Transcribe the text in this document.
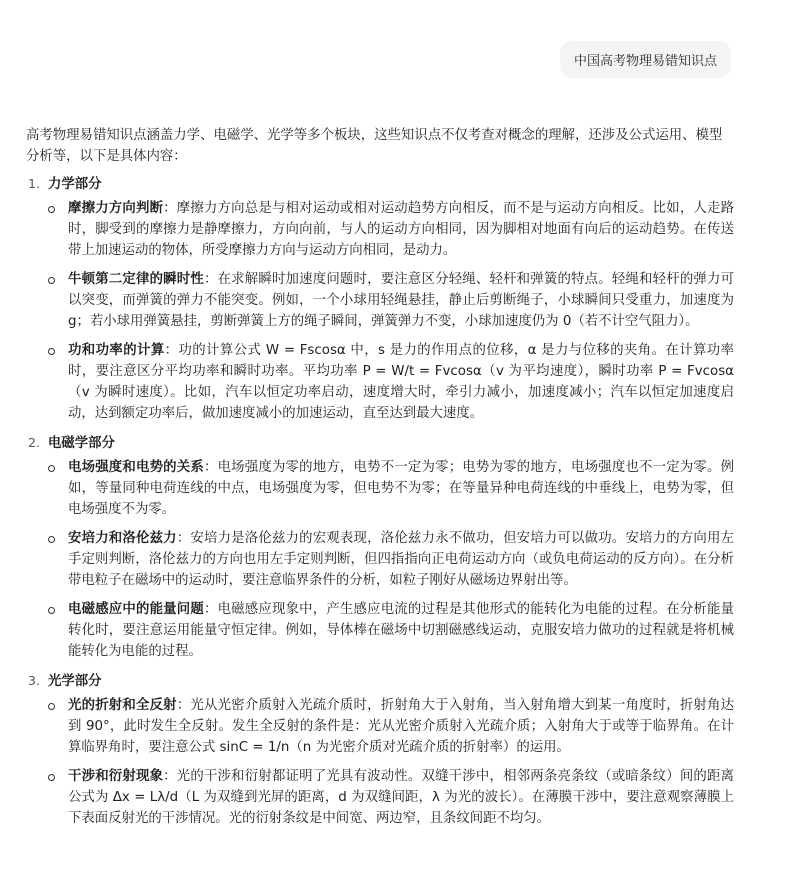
中国高考物理易错知识点

高考物理易错知识点涵盖力学、电磁学、光学等多个板块，这些知识点不仅考查对概念的理解，还涉及公式运用、模型分析等，以下是具体内容：

1. 力学部分
摩擦力方向判断：摩擦力方向总是与相对运动或相对运动趋势方向相反，而不是与运动方向相反。比如，人走路时，脚受到的摩擦力是静摩擦力，方向向前，与人的运动方向相同，因为脚相对地面有向后的运动趋势。在传送带上加速运动的物体，所受摩擦力方向与运动方向相同，是动力。
牛顿第二定律的瞬时性：在求解瞬时加速度问题时，要注意区分轻绳、轻杆和弹簧的特点。轻绳和轻杆的弹力可以突变，而弹簧的弹力不能突变。例如，一个小球用轻绳悬挂，静止后剪断绳子，小球瞬间只受重力，加速度为 g；若小球用弹簧悬挂，剪断弹簧上方的绳子瞬间，弹簧弹力不变，小球加速度仍为 0（若不计空气阻力）。
功和功率的计算：功的计算公式 W = Fscosα 中，s 是力的作用点的位移，α 是力与位移的夹角。在计算功率时，要注意区分平均功率和瞬时功率。平均功率 P = W/t = Fvcosα（v 为平均速度），瞬时功率 P = Fvcosα（v 为瞬时速度）。比如，汽车以恒定功率启动，速度增大时，牵引力减小，加速度减小；汽车以恒定加速度启动，达到额定功率后，做加速度减小的加速运动，直至达到最大速度。
2. 电磁学部分
电场强度和电势的关系：电场强度为零的地方，电势不一定为零；电势为零的地方，电场强度也不一定为零。例如，等量同种电荷连线的中点，电场强度为零，但电势不为零；在等量异种电荷连线的中垂线上，电势为零，但电场强度不为零。
安培力和洛伦兹力：安培力是洛伦兹力的宏观表现，洛伦兹力永不做功，但安培力可以做功。安培力的方向用左手定则判断，洛伦兹力的方向也用左手定则判断，但四指指向正电荷运动方向（或负电荷运动的反方向）。在分析带电粒子在磁场中的运动时，要注意临界条件的分析，如粒子刚好从磁场边界射出等。
电磁感应中的能量问题：电磁感应现象中，产生感应电流的过程是其他形式的能转化为电能的过程。在分析能量转化时，要注意运用能量守恒定律。例如，导体棒在磁场中切割磁感线运动，克服安培力做功的过程就是将机械能转化为电能的过程。
3. 光学部分
光的折射和全反射：光从光密介质射入光疏介质时，折射角大于入射角，当入射角增大到某一角度时，折射角达到 90°，此时发生全反射。发生全反射的条件是：光从光密介质射入光疏介质；入射角大于或等于临界角。在计算临界角时，要注意公式 sinC = 1/n（n 为光密介质对光疏介质的折射率）的运用。
干涉和衍射现象：光的干涉和衍射都证明了光具有波动性。双缝干涉中，相邻两条亮条纹（或暗条纹）间的距离公式为 Δx = Lλ/d（L 为双缝到光屏的距离，d 为双缝间距，λ 为光的波长）。在薄膜干涉中，要注意观察薄膜上下表面反射光的干涉情况。光的衍射条纹是中间宽、两边窄，且条纹间距不均匀。
